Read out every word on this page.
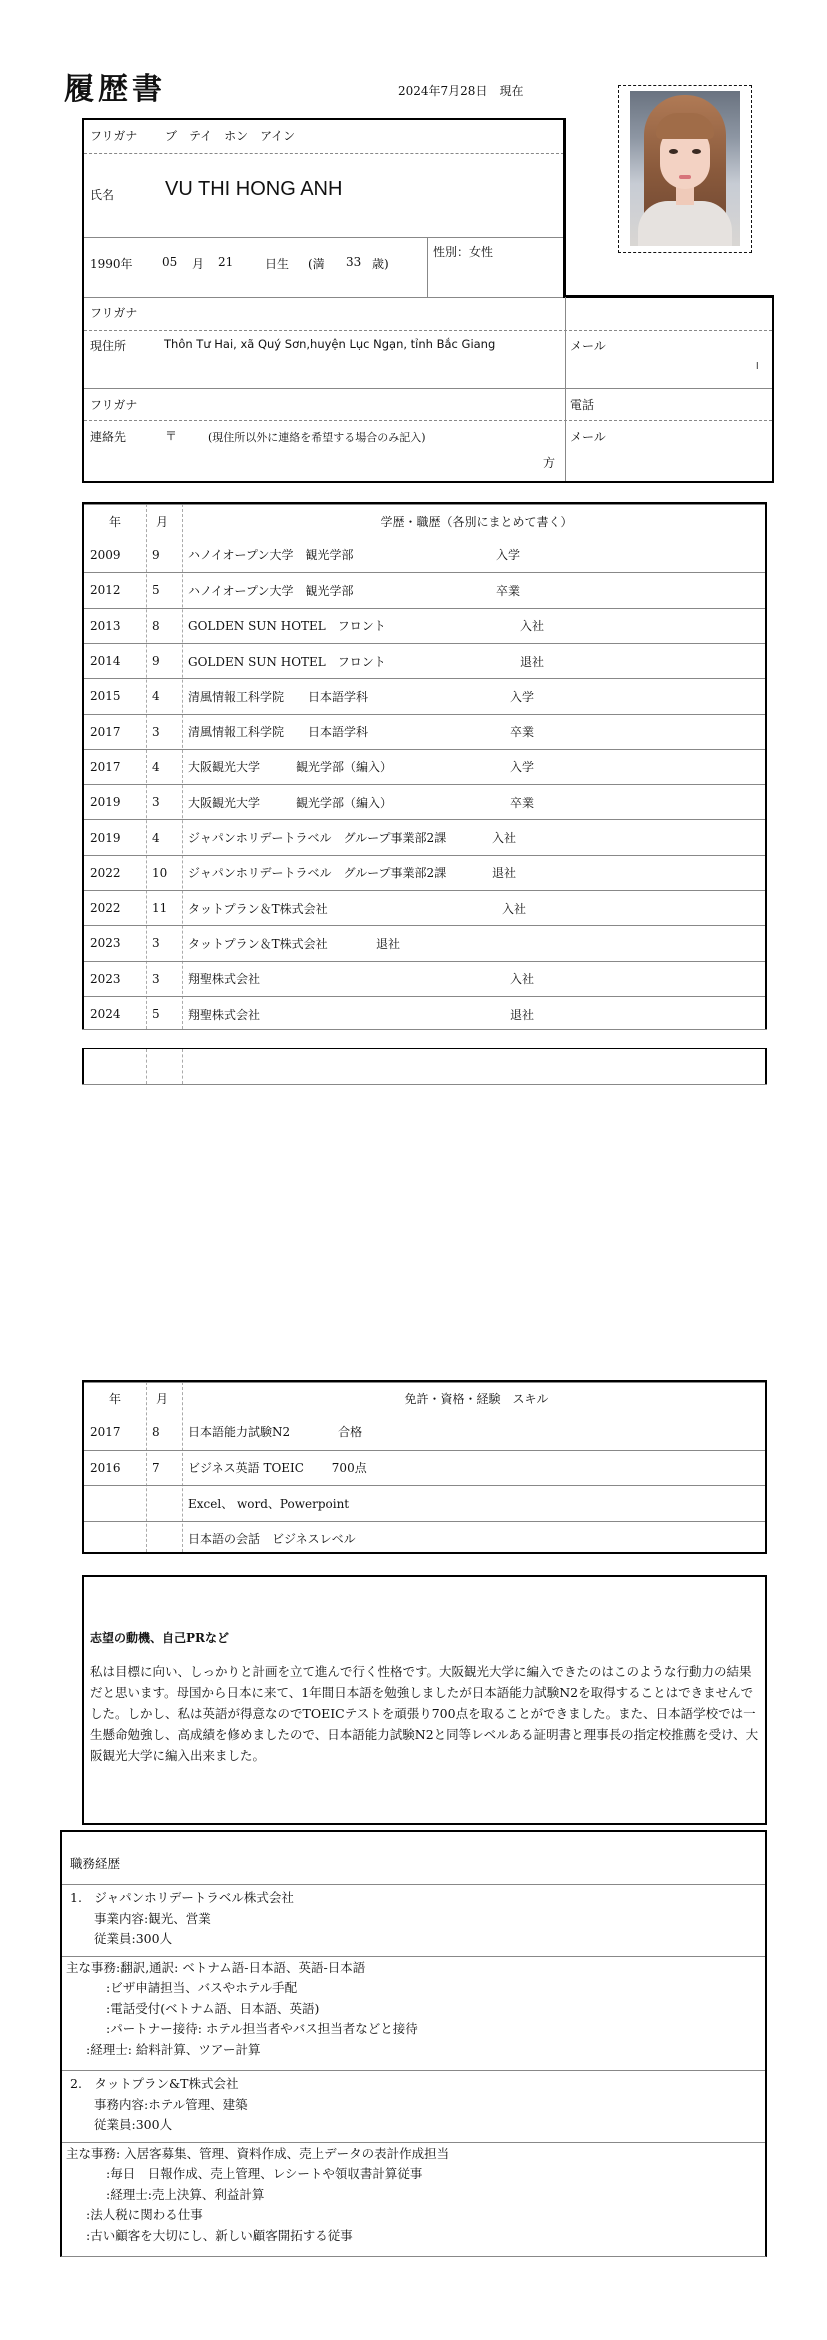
履歴書	2024年7月28日　現在
フリガナ ブ　テイ　ホン　アイン
氏名	VU THI HONG ANH
1990年 05 月 21	日生 (満 33 歳)
性別：女性
フリガナ
現住所	Thôn Tư Hai, xã Quý Sơn,huyện Lục Ngạn, tỉnh Bắc Giang	メール
l
フリガナ	電話
連絡先	〒	(現住所以外に連絡を希望する場合のみ記入)
方
メール
年	月	学歴・職歴（各別にまとめて書く）
2009	9	ハノイオープン大学　観光学部	入学
2012	5	ハノイオープン大学　観光学部	卒業
2013	8	GOLDEN SUN HOTEL　フロント	入社
2014	9	GOLDEN SUN HOTEL　フロント	退社
2015	4	清風情報工科学院　　日本語学科	入学
2017	3	清風情報工科学院　　日本語学科	卒業
2017	4	大阪観光大学　　　観光学部（編入）	入学
2019	3	大阪観光大学　　　観光学部（編入）	卒業
2019	4	ジャパンホリデートラベル　グループ事業部2課	入社
2022	10	ジャパンホリデートラベル　グループ事業部2課	退社
2022	11	タットプラン＆T株式会社	入社
2023	3	タットプラン＆T株式会社	退社
2023	3	翔聖株式会社	入社
2024	5	翔聖株式会社	退社
年	月	免許・資格・経験　スキル
2017	8	日本語能力試験N2　　　　合格
2016	7	ビジネス英語 TOEIC　　 700点
Excel、 word、Powerpoint
日本語の会話　ビジネスレベル
志望の動機、自己PRなど
私は目標に向い、しっかりと計画を立て進んで行く性格です。大阪観光大学に編入できたのはこのような行動力の結果だと思います。母国から日本に来て、1年間日本語を勉強しましたが日本語能力試験N2を取得することはできませんでした。しかし、私は英語が得意なのでTOEICテストを頑張り700点を取ることができました。また、日本語学校では一生懸命勉強し、高成績を修めましたので、日本語能力試験N2と同等レベルある証明書と理事長の指定校推薦を受け、大阪観光大学に編入出来ました。
職務経歴
1.　ジャパンホリデートラベル株式会社
事業内容:観光、営業
従業員:300人
主な事務:翻訳,通訳: ベトナム語-日本語、英語-日本語
:ビザ申請担当、バスやホテル手配
:電話受付(ベトナム語、日本語、英語)
:パートナー接待: ホテル担当者やバス担当者などと接待
:経理士: 給料計算、ツアー計算
2.　タットプラン&T株式会社
事務内容:ホテル管理、建築
従業員:300人
主な事務: 入居客募集、管理、資料作成、売上データの表計作成担当
:毎日　日報作成、売上管理、レシートや領収書計算従事
:経理士:売上決算、利益計算
:法人税に関わる仕事
:古い顧客を大切にし、新しい顧客開拓する従事
